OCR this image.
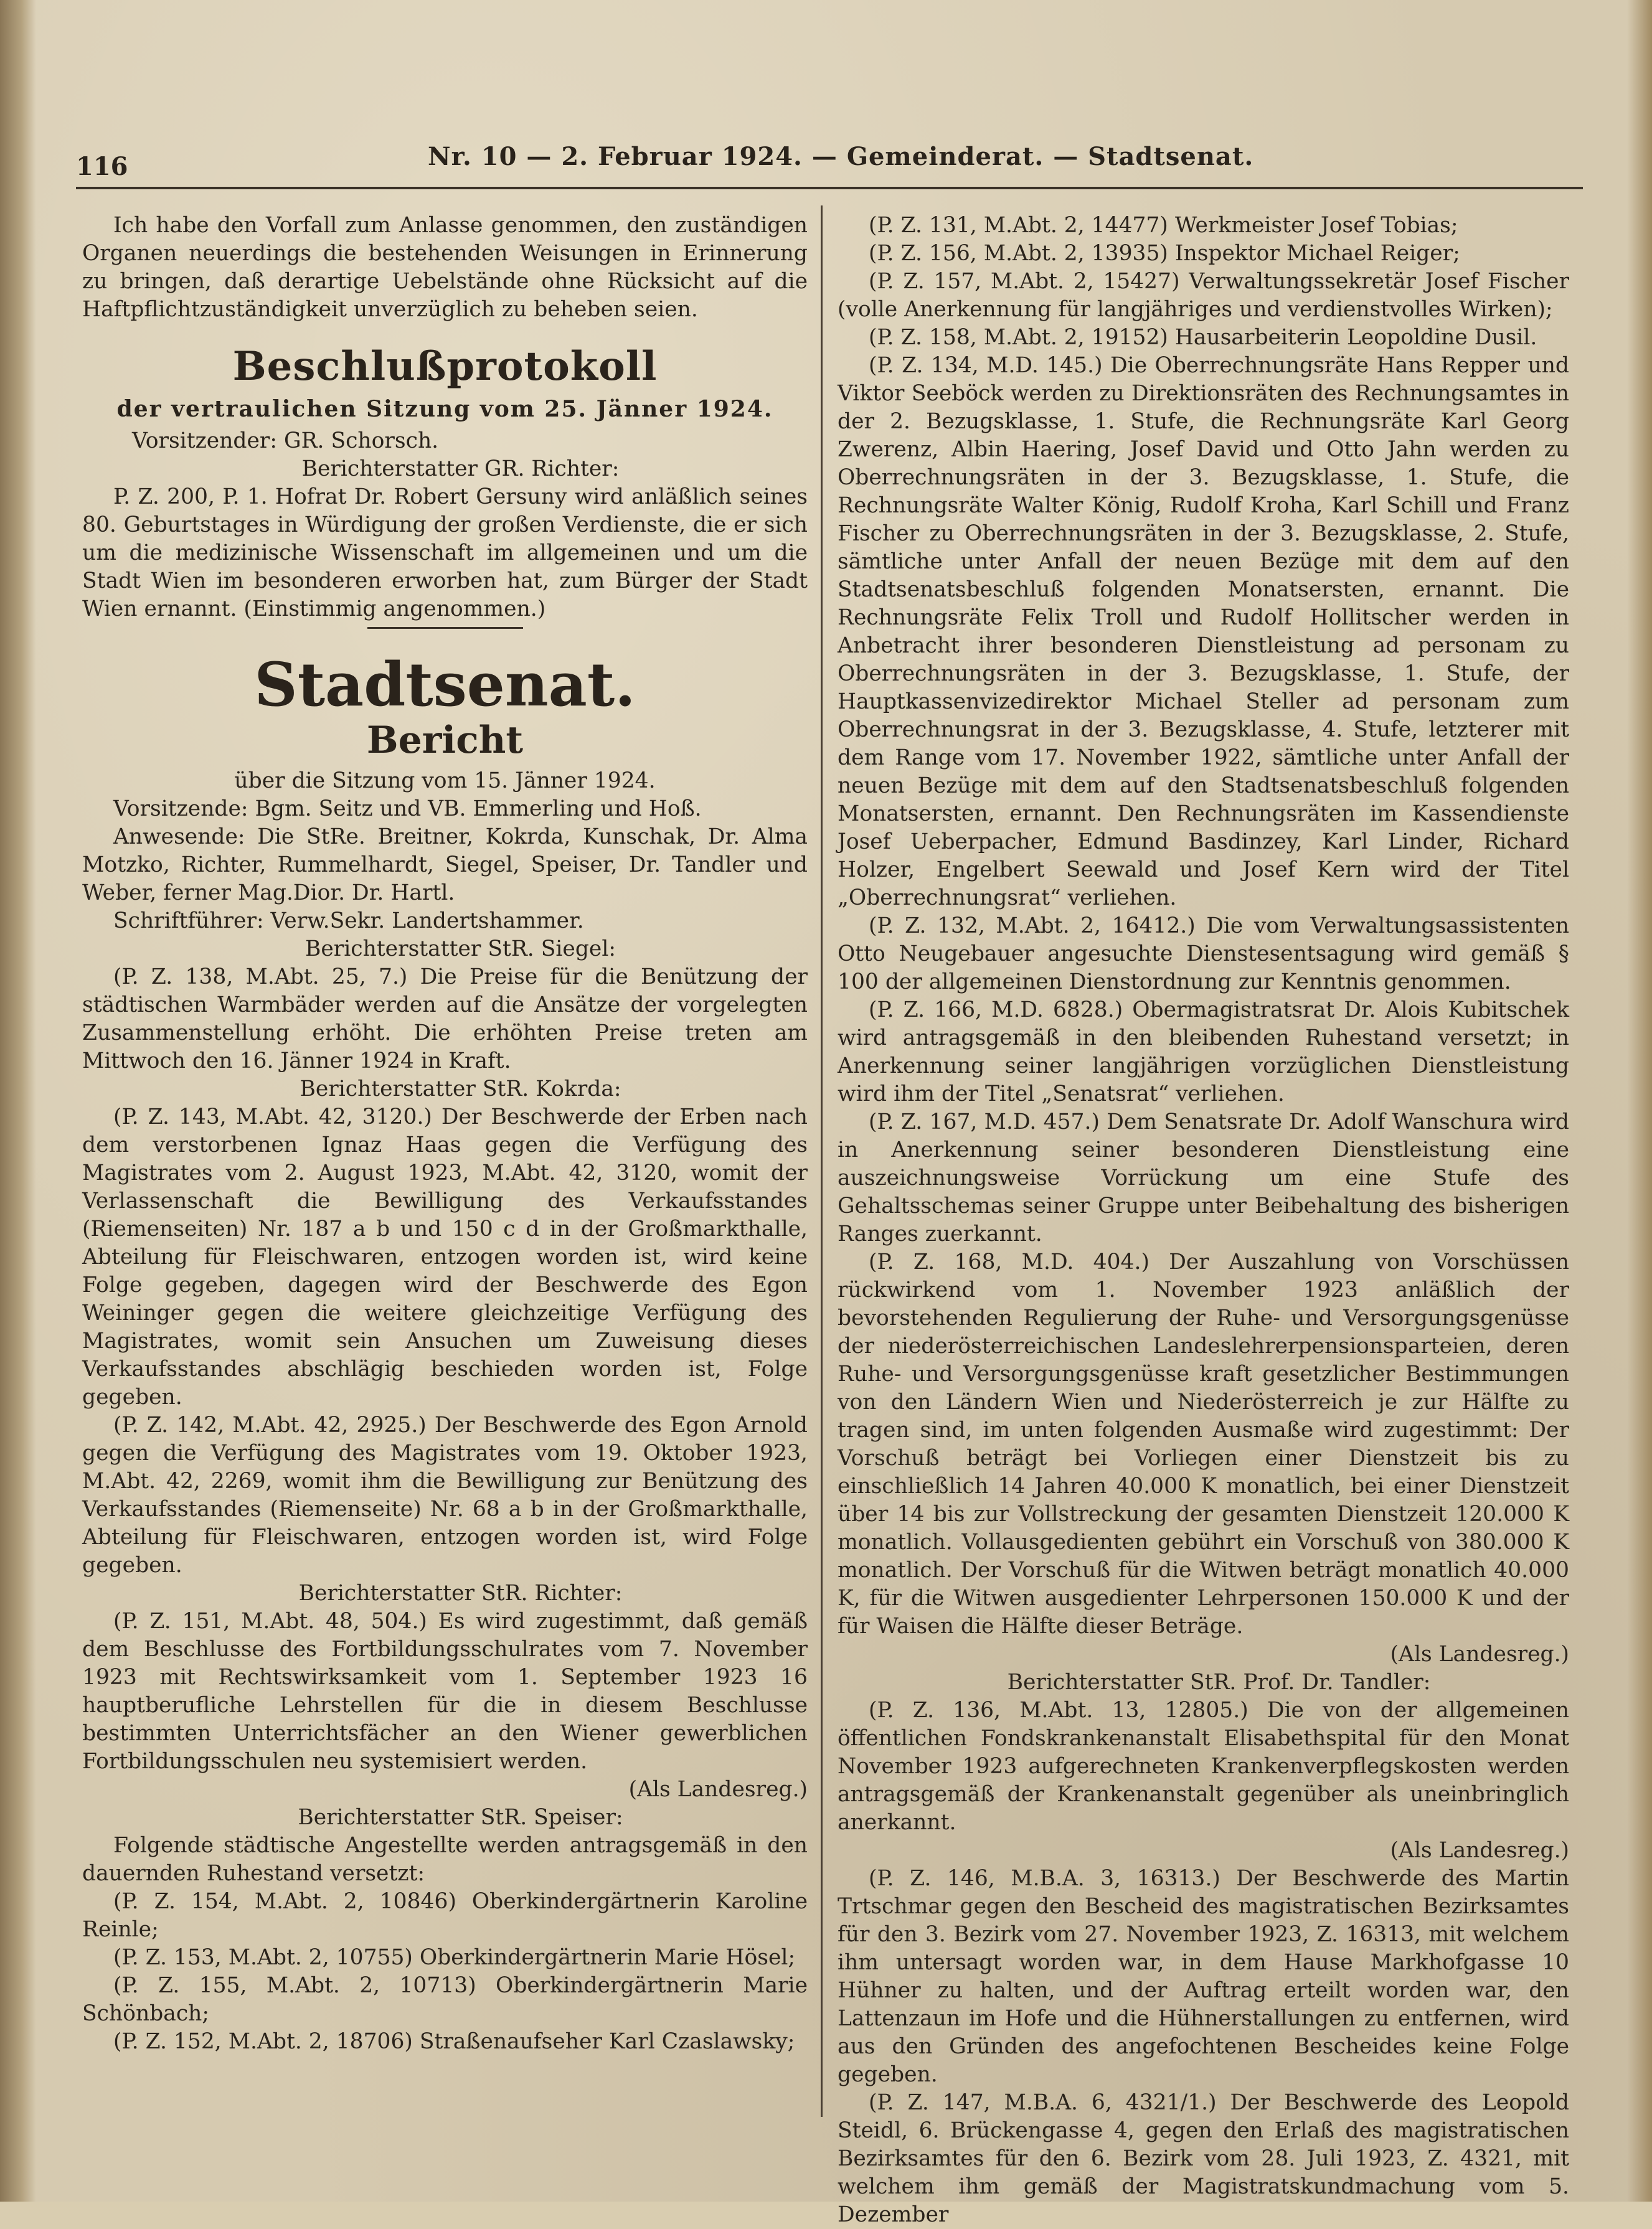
116	Nr. 10 — 2. Februar 1924. — Gemeinderat. — Stadtsenat.

Ich habe den Vorfall zum Anlasse genommen, den zuständigen Organen neuerdings die bestehenden Weisungen in Erinnerung zu bringen, daß derartige Uebelstände ohne Rücksicht auf die Haftpflichtzuständigkeit unverzüglich zu beheben seien.

Beschlußprotokoll
der vertraulichen Sitzung vom 25. Jänner 1924.

Vorsitzender: GR. Schorsch.

Berichterstatter GR. Richter:

P. Z. 200, P. 1. Hofrat Dr. Robert Gersuny wird anläßlich seines 80. Geburtstages in Würdigung der großen Verdienste, die er sich um die medizinische Wissenschaft im allgemeinen und um die Stadt Wien im besonderen erworben hat, zum Bürger der Stadt Wien ernannt. (Einstimmig angenommen.)

Stadtsenat.
Bericht

über die Sitzung vom 15. Jänner 1924.

Vorsitzende: Bgm. Seitz und VB. Emmerling und Hoß.

Anwesende: Die StRe. Breitner, Kokrda, Kunschak, Dr. Alma Motzko, Richter, Rummelhardt, Siegel, Speiser, Dr. Tandler und Weber, ferner Mag.Dior. Dr. Hartl.

Schriftführer: Verw.Sekr. Landertshammer.

Berichterstatter StR. Siegel:

(P. Z. 138, M.Abt. 25, 7.) Die Preise für die Benützung der städtischen Warmbäder werden auf die Ansätze der vorgelegten Zusammenstellung erhöht. Die erhöhten Preise treten am Mittwoch den 16. Jänner 1924 in Kraft.

Berichterstatter StR. Kokrda:

(P. Z. 143, M.Abt. 42, 3120.) Der Beschwerde der Erben nach dem verstorbenen Ignaz Haas gegen die Verfügung des Magistrates vom 2. August 1923, M.Abt. 42, 3120, womit der Verlassenschaft die Bewilligung des Verkaufsstandes (Riemenseiten) Nr. 187 a b und 150 c d in der Großmarkthalle, Abteilung für Fleischwaren, entzogen worden ist, wird keine Folge gegeben, dagegen wird der Beschwerde des Egon Weininger gegen die weitere gleichzeitige Verfügung des Magistrates, womit sein Ansuchen um Zuweisung dieses Verkaufsstandes abschlägig beschieden worden ist, Folge gegeben.

(P. Z. 142, M.Abt. 42, 2925.) Der Beschwerde des Egon Arnold gegen die Verfügung des Magistrates vom 19. Oktober 1923, M.Abt. 42, 2269, womit ihm die Bewilligung zur Benützung des Verkaufsstandes (Riemenseite) Nr. 68 a b in der Großmarkthalle, Abteilung für Fleischwaren, entzogen worden ist, wird Folge gegeben.

Berichterstatter StR. Richter:

(P. Z. 151, M.Abt. 48, 504.) Es wird zugestimmt, daß gemäß dem Beschlusse des Fortbildungsschulrates vom 7. November 1923 mit Rechtswirksamkeit vom 1. September 1923 16 hauptberufliche Lehrstellen für die in diesem Beschlusse bestimmten Unterrichtsfächer an den Wiener gewerblichen Fortbildungsschulen neu systemisiert werden.

(Als Landesreg.)

Berichterstatter StR. Speiser:

Folgende städtische Angestellte werden antragsgemäß in den dauernden Ruhestand versetzt:

(P. Z. 154, M.Abt. 2, 10846) Oberkindergärtnerin Karoline Reinle;

(P. Z. 153, M.Abt. 2, 10755) Oberkindergärtnerin Marie Hösel;

(P. Z. 155, M.Abt. 2, 10713) Oberkindergärtnerin Marie Schönbach;

(P. Z. 152, M.Abt. 2, 18706) Straßenaufseher Karl Czaslawsky;

(P. Z. 131, M.Abt. 2, 14477) Werkmeister Josef Tobias;

(P. Z. 156, M.Abt. 2, 13935) Inspektor Michael Reiger;

(P. Z. 157, M.Abt. 2, 15427) Verwaltungssekretär Josef Fischer (volle Anerkennung für langjähriges und verdienstvolles Wirken);

(P. Z. 158, M.Abt. 2, 19152) Hausarbeiterin Leopoldine Dusil.

(P. Z. 134, M.D. 145.) Die Oberrechnungsräte Hans Repper und Viktor Seeböck werden zu Direktionsräten des Rechnungsamtes in der 2. Bezugsklasse, 1. Stufe, die Rechnungsräte Karl Georg Zwerenz, Albin Haering, Josef David und Otto Jahn werden zu Oberrechnungsräten in der 3. Bezugsklasse, 1. Stufe, die Rechnungsräte Walter König, Rudolf Kroha, Karl Schill und Franz Fischer zu Oberrechnungsräten in der 3. Bezugsklasse, 2. Stufe, sämtliche unter Anfall der neuen Bezüge mit dem auf den Stadtsenatsbeschluß folgenden Monatsersten, ernannt. Die Rechnungsräte Felix Troll und Rudolf Hollitscher werden in Anbetracht ihrer besonderen Dienstleistung ad personam zu Oberrechnungsräten in der 3. Bezugsklasse, 1. Stufe, der Hauptkassenvizedirektor Michael Steller ad personam zum Oberrechnungsrat in der 3. Bezugsklasse, 4. Stufe, letzterer mit dem Range vom 17. November 1922, sämtliche unter Anfall der neuen Bezüge mit dem auf den Stadtsenatsbeschluß folgenden Monatsersten, ernannt. Den Rechnungsräten im Kassendienste Josef Ueberpacher, Edmund Basdinzey, Karl Linder, Richard Holzer, Engelbert Seewald und Josef Kern wird der Titel „Oberrechnungsrat“ verliehen.

(P. Z. 132, M.Abt. 2, 16412.) Die vom Verwaltungsassistenten Otto Neugebauer angesuchte Dienstesentsagung wird gemäß § 100 der allgemeinen Dienstordnung zur Kenntnis genommen.

(P. Z. 166, M.D. 6828.) Obermagistratsrat Dr. Alois Kubitschek wird antragsgemäß in den bleibenden Ruhestand versetzt; in Anerkennung seiner langjährigen vorzüglichen Dienstleistung wird ihm der Titel „Senatsrat“ verliehen.

(P. Z. 167, M.D. 457.) Dem Senatsrate Dr. Adolf Wanschura wird in Anerkennung seiner besonderen Dienstleistung eine auszeichnungsweise Vorrückung um eine Stufe des Gehaltsschemas seiner Gruppe unter Beibehaltung des bisherigen Ranges zuerkannt.

(P. Z. 168, M.D. 404.) Der Auszahlung von Vorschüssen rückwirkend vom 1. November 1923 anläßlich der bevorstehenden Regulierung der Ruhe- und Versorgungsgenüsse der niederösterreichischen Landeslehrerpensionsparteien, deren Ruhe- und Versorgungsgenüsse kraft gesetzlicher Bestimmungen von den Ländern Wien und Niederösterreich je zur Hälfte zu tragen sind, im unten folgenden Ausmaße wird zugestimmt: Der Vorschuß beträgt bei Vorliegen einer Dienstzeit bis zu einschließlich 14 Jahren 40.000 K monatlich, bei einer Dienstzeit über 14 bis zur Vollstreckung der gesamten Dienstzeit 120.000 K monatlich. Vollausgedienten gebührt ein Vorschuß von 380.000 K monatlich. Der Vorschuß für die Witwen beträgt monatlich 40.000 K, für die Witwen ausgedienter Lehrpersonen 150.000 K und der für Waisen die Hälfte dieser Beträge.

(Als Landesreg.)

Berichterstatter StR. Prof. Dr. Tandler:

(P. Z. 136, M.Abt. 13, 12805.) Die von der allgemeinen öffentlichen Fondskrankenanstalt Elisabethspital für den Monat November 1923 aufgerechneten Krankenverpflegskosten werden antragsgemäß der Krankenanstalt gegenüber als uneinbringlich anerkannt.

(Als Landesreg.)

(P. Z. 146, M.B.A. 3, 16313.) Der Beschwerde des Martin Trtschmar gegen den Bescheid des magistratischen Bezirksamtes für den 3. Bezirk vom 27. November 1923, Z. 16313, mit welchem ihm untersagt worden war, in dem Hause Markhofgasse 10 Hühner zu halten, und der Auftrag erteilt worden war, den Lattenzaun im Hofe und die Hühnerstallungen zu entfernen, wird aus den Gründen des angefochtenen Bescheides keine Folge gegeben.

(P. Z. 147, M.B.A. 6, 4321/1.) Der Beschwerde des Leopold Steidl, 6. Brückengasse 4, gegen den Erlaß des magistratischen Bezirksamtes für den 6. Bezirk vom 28. Juli 1923, Z. 4321, mit welchem ihm gemäß der Magistratskundmachung vom 5. Dezember
